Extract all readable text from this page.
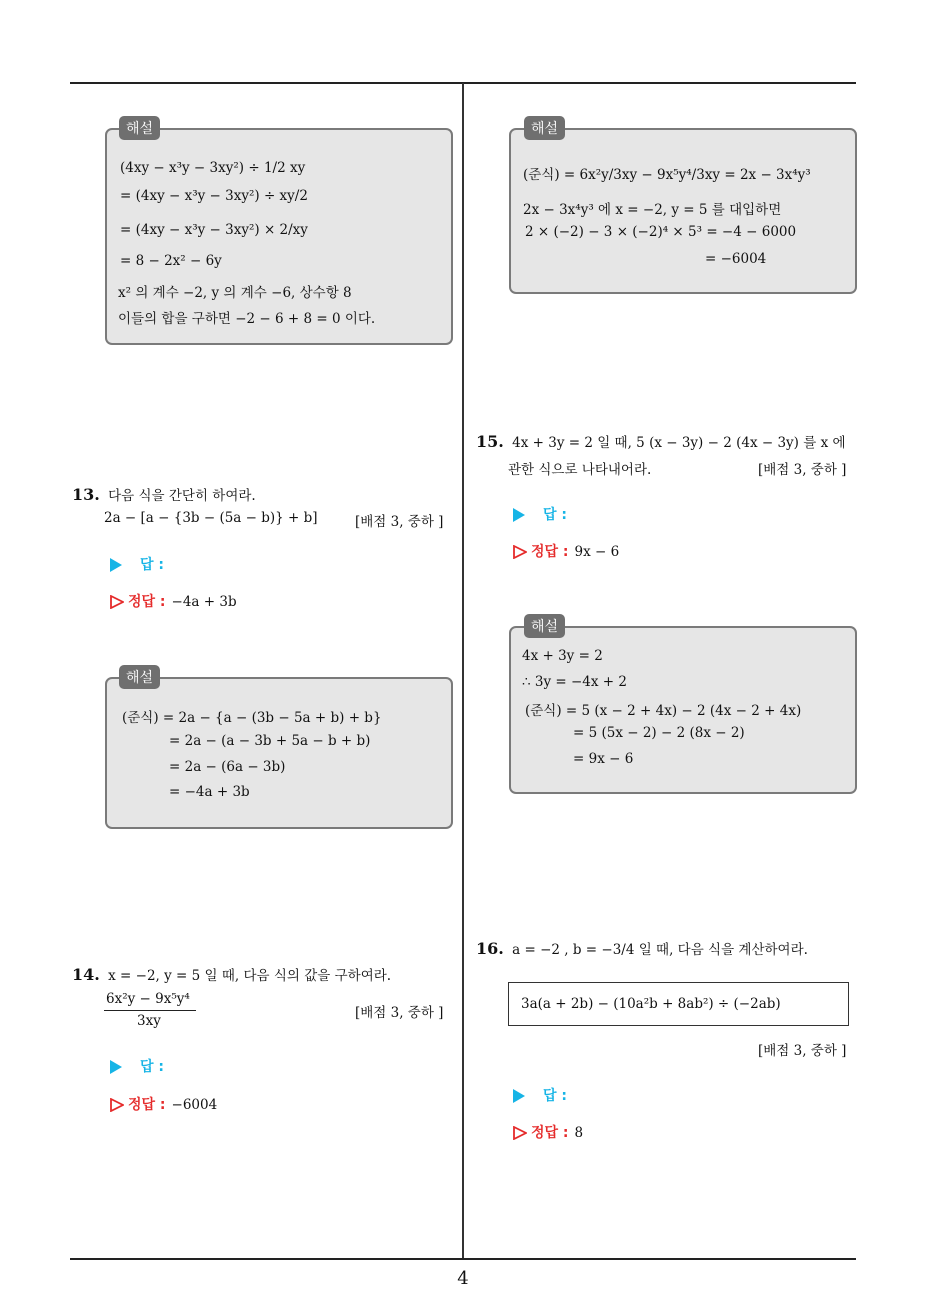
해설
(4xy − x³y − 3xy²) ÷ 1/2 xy
= (4xy − x³y − 3xy²) ÷ xy/2
= (4xy − x³y − 3xy²) × 2/xy
= 8 − 2x² − 6y
x² 의 계수 −2, y 의 계수 −6, 상수항 8
이들의 합을 구하면 −2 − 6 + 8 = 0 이다.
13. 다음 식을 간단히 하여라.
2a − [a − {3b − (5a − b)} + b]	[배점 3, 중하 ]
답 :
정답 : −4a + 3b
해설
(준식) = 2a − {a − (3b − 5a + b) + b}
= 2a − (a − 3b + 5a − b + b)
= 2a − (6a − 3b)
= −4a + 3b
14. x = −2, y = 5 일 때, 다음 식의 값을 구하여라.
6x²y − 9x⁵y⁴
3xy	[배점 3, 중하 ]
답 :
정답 : −6004
해설
(준식) = 6x²y/3xy − 9x⁵y⁴/3xy = 2x − 3x⁴y³
2x − 3x⁴y³ 에 x = −2, y = 5 를 대입하면
2 × (−2) − 3 × (−2)⁴ × 5³ = −4 − 6000
= −6004
15. 4x + 3y = 2 일 때, 5 (x − 3y) − 2 (4x − 3y) 를 x 에
관한 식으로 나타내어라.	[배점 3, 중하 ]
답 :
정답 : 9x − 6
해설
4x + 3y = 2
∴ 3y = −4x + 2
(준식) = 5 (x − 2 + 4x) − 2 (4x − 2 + 4x)
= 5 (5x − 2) − 2 (8x − 2)
= 9x − 6
16. a = −2 , b = −3/4 일 때, 다음 식을 계산하여라.
3a(a + 2b) − (10a²b + 8ab²) ÷ (−2ab)
[배점 3, 중하 ]
답 :
정답 : 8
4
